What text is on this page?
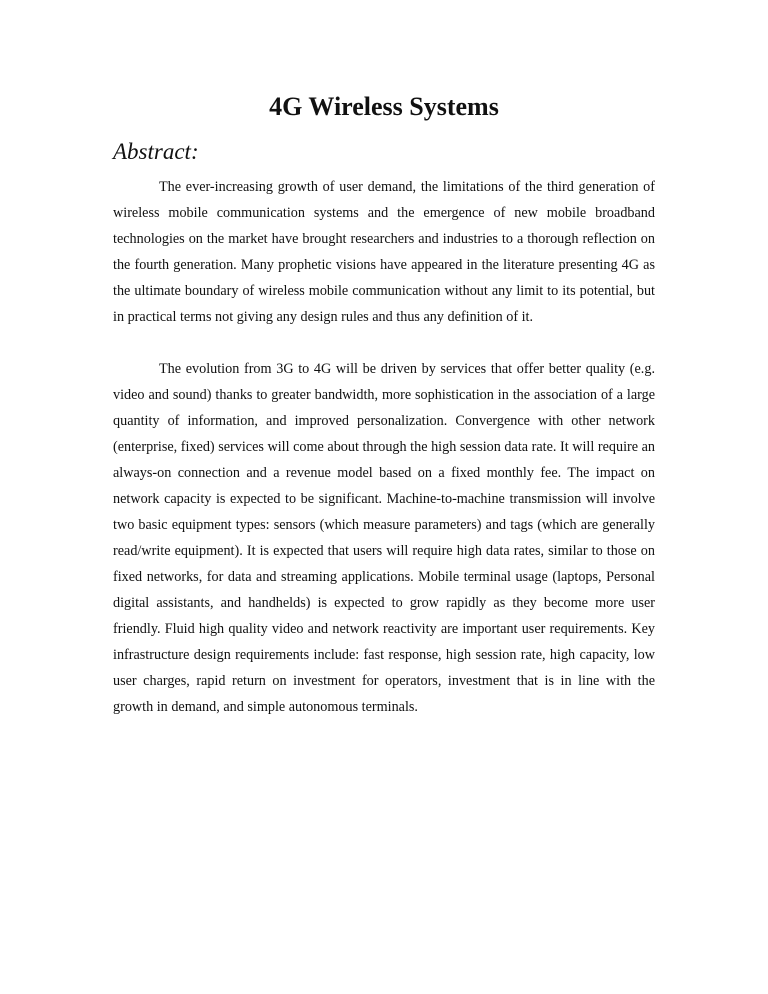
4G Wireless Systems
Abstract:

The ever-increasing growth of user demand, the limitations of the third generation of wireless mobile communication systems and the emergence of new mobile broadband technologies on the market have brought researchers and industries to a thorough reflection on the fourth generation. Many prophetic visions have appeared in the literature presenting 4G as the ultimate boundary of wireless mobile communication without any limit to its potential, but in practical terms not giving any design rules and thus any definition of it.

The evolution from 3G to 4G will be driven by services that offer better quality (e.g. video and sound) thanks to greater bandwidth, more sophistication in the association of a large quantity of information, and improved personalization. Convergence with other network (enterprise, fixed) services will come about through the high session data rate. It will require an always-on connection and a revenue model based on a fixed monthly fee. The impact on network capacity is expected to be significant. Machine-to-machine transmission will involve two basic equipment types: sensors (which measure parameters) and tags (which are generally read/write equipment). It is expected that users will require high data rates, similar to those on fixed networks, for data and streaming applications. Mobile terminal usage (laptops, Personal digital assistants, and handhelds) is expected to grow rapidly as they become more user friendly. Fluid high quality video and network reactivity are important user requirements. Key infrastructure design requirements include: fast response, high session rate, high capacity, low user charges, rapid return on investment for operators, investment that is in line with the growth in demand, and simple autonomous terminals.
